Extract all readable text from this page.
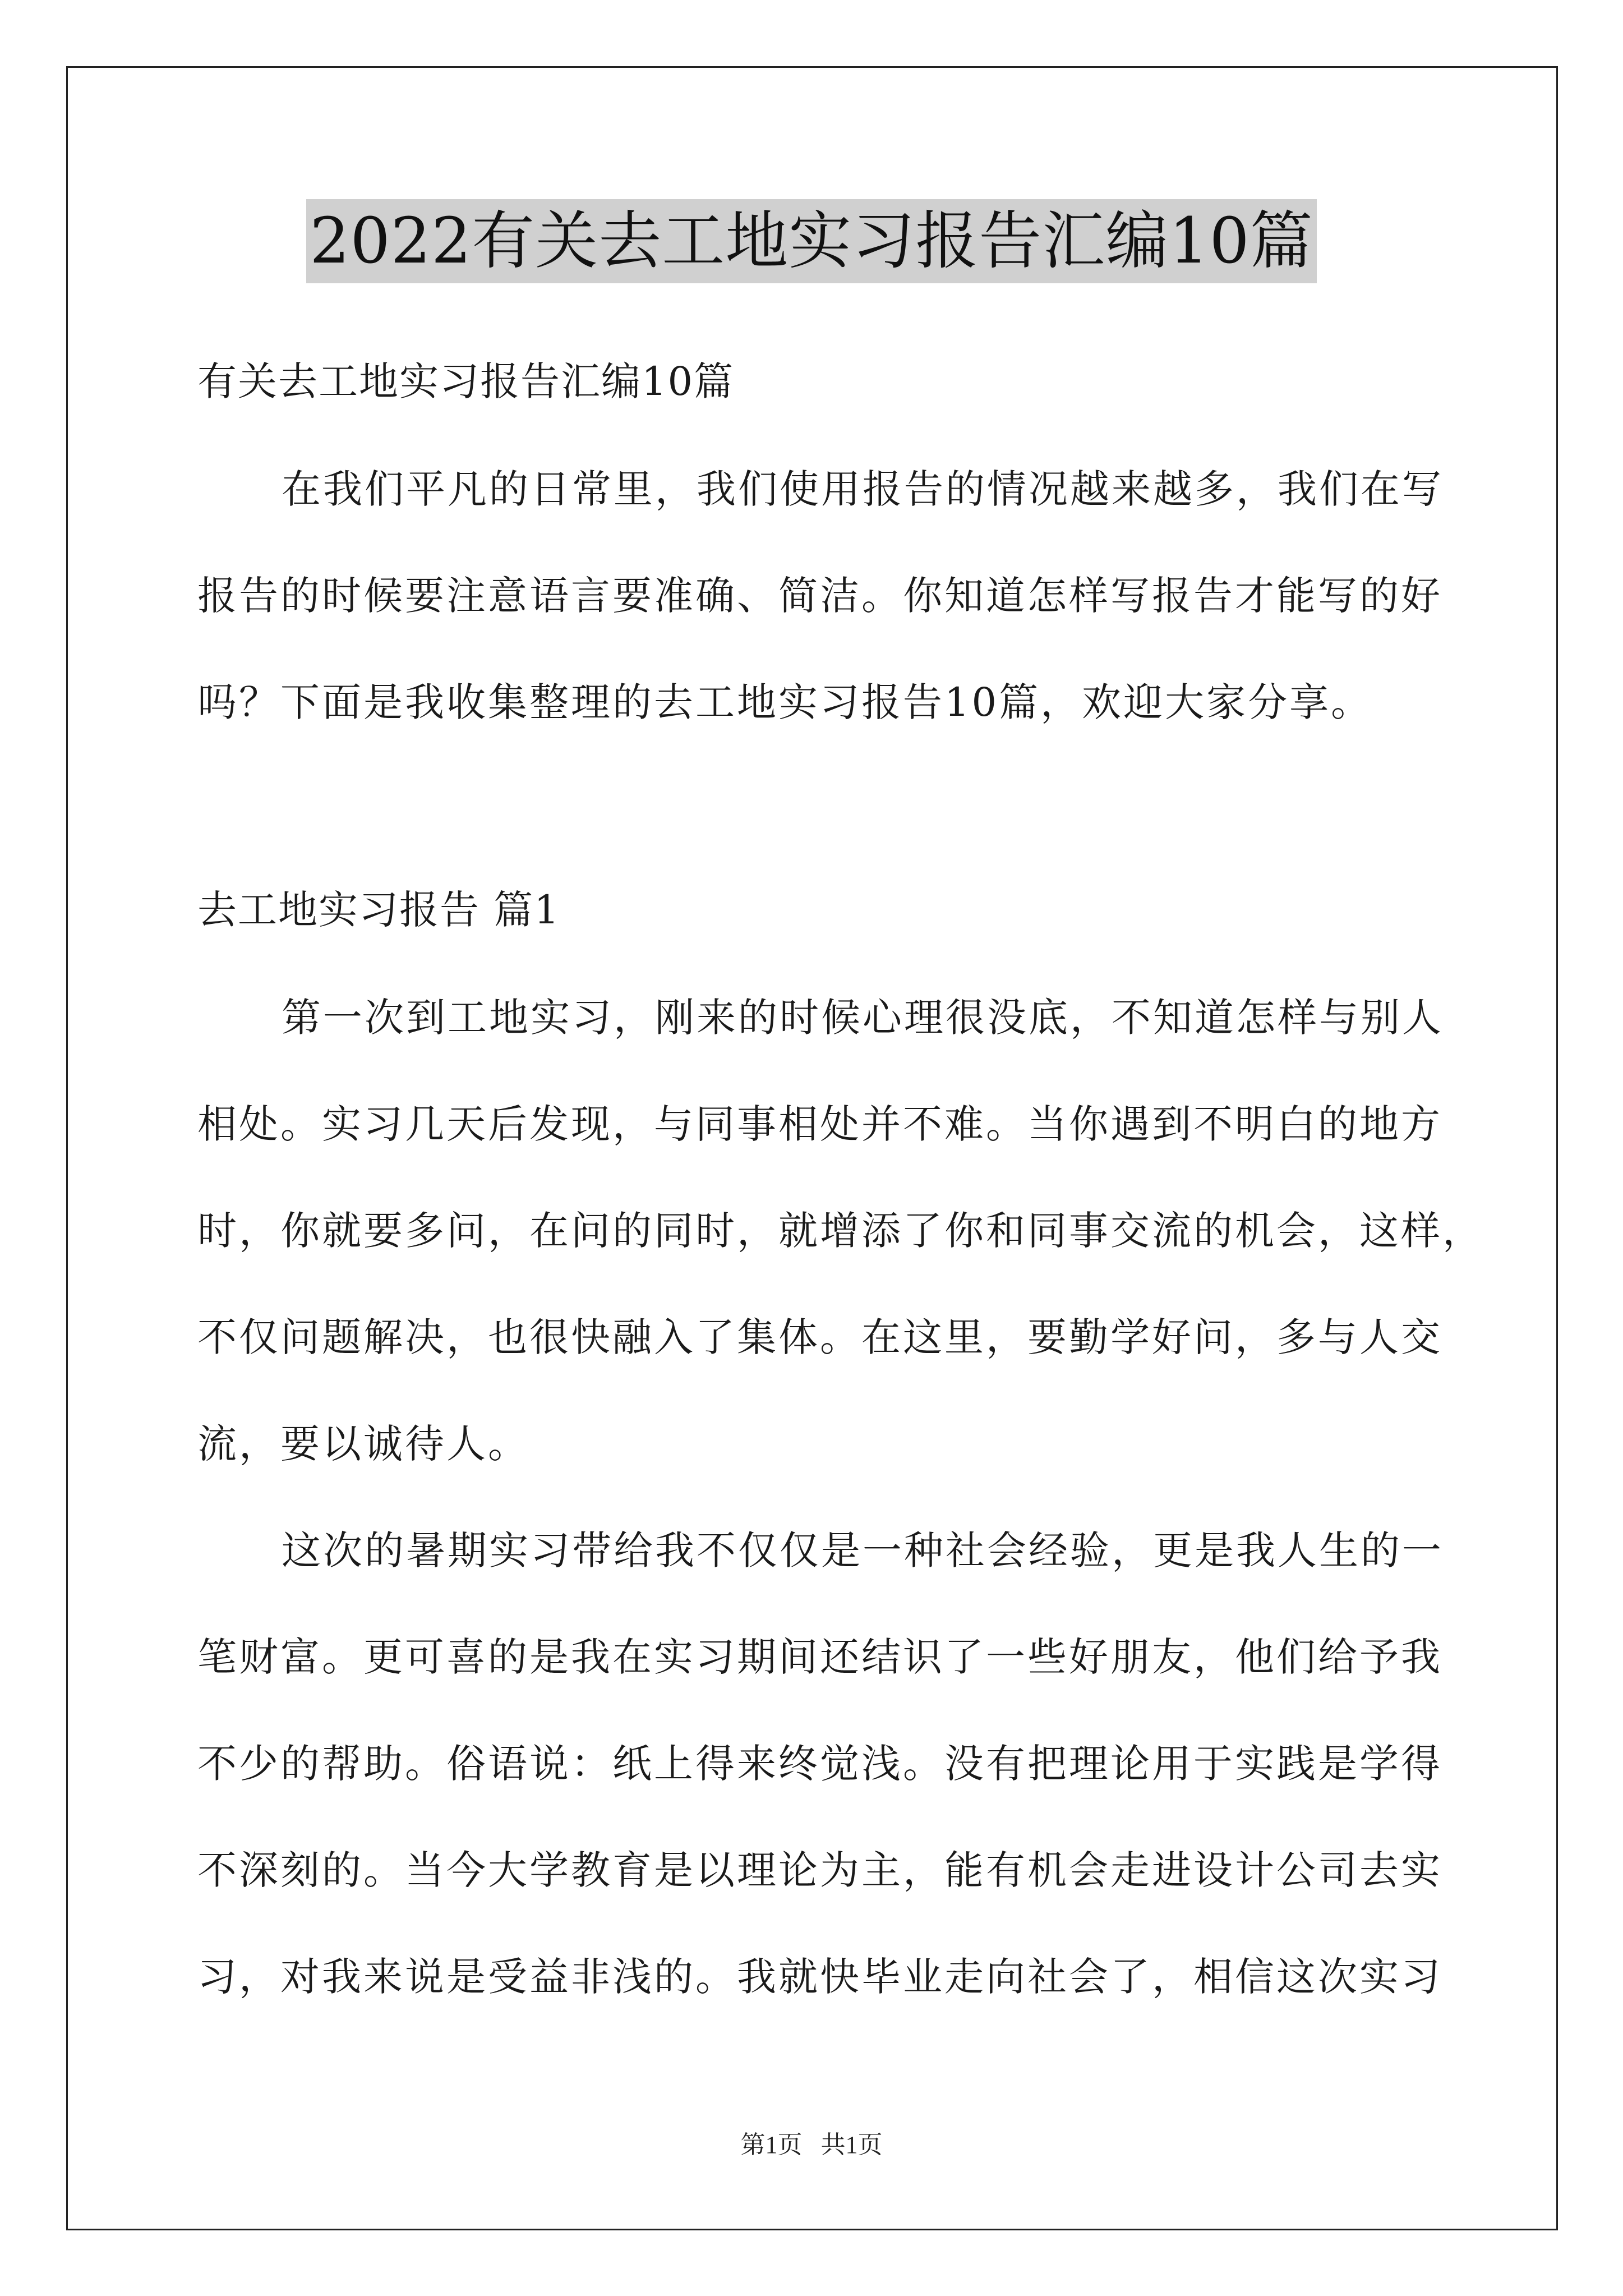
2022有关去工地实习报告汇编10篇
有关去工地实习报告汇编10篇
在我们平凡的日常里，我们使用报告的情况越来越多，我们在写
报告的时候要注意语言要准确、简洁。你知道怎样写报告才能写的好
吗？下面是我收集整理的去工地实习报告10篇，欢迎大家分享。
去工地实习报告 篇1
第一次到工地实习，刚来的时候心理很没底，不知道怎样与别人
相处。实习几天后发现，与同事相处并不难。当你遇到不明白的地方
时，你就要多问，在问的同时，就增添了你和同事交流的机会，这样，
不仅问题解决，也很快融入了集体。在这里，要勤学好问，多与人交
流，要以诚待人。
这次的暑期实习带给我不仅仅是一种社会经验，更是我人生的一
笔财富。更可喜的是我在实习期间还结识了一些好朋友，他们给予我
不少的帮助。俗语说：纸上得来终觉浅。没有把理论用于实践是学得
不深刻的。当今大学教育是以理论为主，能有机会走进设计公司去实
习，对我来说是受益非浅的。我就快毕业走向社会了，相信这次实习
第1页   共1页
